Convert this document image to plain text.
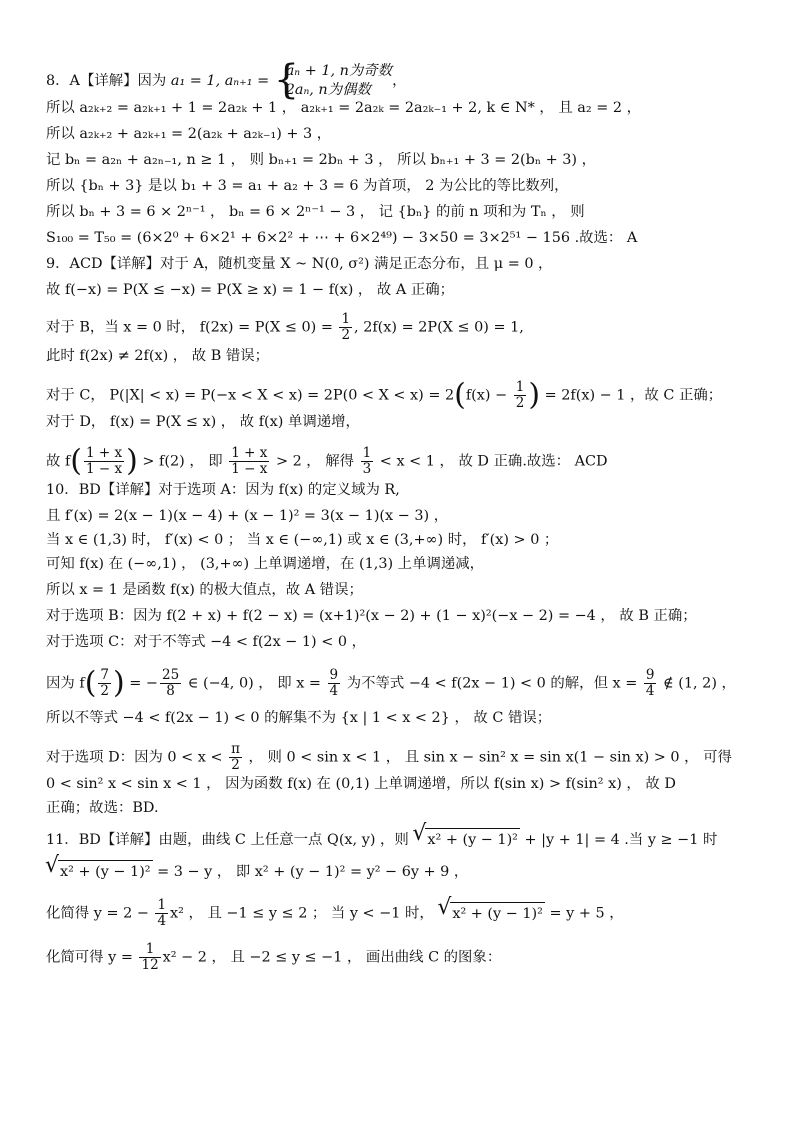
8．A【详解】因为 a₁ = 1, aₙ₊₁ = {
aₙ + 1, n为奇数
2aₙ, n为偶数
，
所以 a₂ₖ₊₂ = a₂ₖ₊₁ + 1 = 2a₂ₖ + 1 ， a₂ₖ₊₁ = 2a₂ₖ = 2a₂ₖ₋₁ + 2, k ∈ N* ， 且 a₂ = 2 ，
所以 a₂ₖ₊₂ + a₂ₖ₊₁ = 2(a₂ₖ + a₂ₖ₋₁) + 3 ，
记 bₙ = a₂ₙ + a₂ₙ₋₁, n ≥ 1 ， 则 bₙ₊₁ = 2bₙ + 3 ， 所以 bₙ₊₁ + 3 = 2(bₙ + 3) ，
所以 {bₙ + 3} 是以 b₁ + 3 = a₁ + a₂ + 3 = 6 为首项， 2 为公比的等比数列，
所以 bₙ + 3 = 6 × 2ⁿ⁻¹ ， bₙ = 6 × 2ⁿ⁻¹ − 3 ， 记 {bₙ} 的前 n 项和为 Tₙ ， 则
S₁₀₀ = T₅₀ = (6×2⁰ + 6×2¹ + 6×2² + ⋯ + 6×2⁴⁹) − 3×50 = 3×2⁵¹ − 156 .故选： A
9．ACD【详解】对于 A，随机变量 X ~ N(0, σ²) 满足正态分布，且 μ = 0 ，
故 f(−x) = P(X ≤ −x) = P(X ≥ x) = 1 − f(x) ， 故 A 正确；
对于 B，当 x = 0 时， $f(2x) = P(X \le 0) = \frac{1}{2}$ , 2f(x) = 2P(X ≤ 0) = 1,
此时 f(2x) ≠ 2f(x) ， 故 B 错误；
对于 C， $P(|X| < x) = P(-x < X < x) = 2P(0 < X < x) = 2(f(x) - \frac{1}{2}$ ) = 2f(x) − 1 ，故 C 正确；
对于 D， f(x) = P(X ≤ x) ， 故 f(x) 单调递增，
故 $f( \frac{1 + x}{1 - x}$ ) > f(2) ， 即 $\frac{1 + x}{1 - x} > 2$ ， 解得 $\frac{1}{3} < x < 1$ ， 故 D 正确.故选： ACD
10．BD【详解】对于选项 A：因为 f(x) 的定义域为 R,
且 f′(x) = 2(x − 1)(x − 4) + (x − 1)² = 3(x − 1)(x − 3) ，
当 x ∈ (1,3) 时， f′(x) < 0 ； 当 x ∈ (−∞,1) 或 x ∈ (3,+∞) 时， f′(x) > 0 ；
可知 f(x) 在 (−∞,1) ， (3,+∞) 上单调递增，在 (1,3) 上单调递减，
所以 x = 1 是函数 f(x) 的极大值点，故 A 错误；
对于选项 B：因为 f(2 + x) + f(2 − x) = (x+1)²(x − 2) + (1 − x)²(−x − 2) = −4 ， 故 B 正确；
对于选项 C：对于不等式 −4 < f(2x − 1) < 0 ，
因为 $f( \frac{7}{2}$ ) = − $\frac{25}{8}$ ∈ (−4, 0) ， 即 $x = \frac{9}{4}$ 为不等式 −4 < f(2x − 1) < 0 的解，但 $x = \frac{9}{4}$ ∉ (1, 2) ，
所以不等式 −4 < f(2x − 1) < 0 的解集不为 {x | 1 < x < 2} ， 故 C 错误；
对于选项 D：因为 $0 < x < \frac{\pi}{2}$ ， 则 0 < sin x < 1 ， 且 sin x − sin² x = sin x(1 − sin x) > 0 ， 可得
0 < sin² x < sin x < 1 ， 因为函数 f(x) 在 (0,1) 上单调递增，所以 f(sin x) > f(sin² x) ， 故 D
正确；故选：BD.
11．BD【详解】由题，曲线 C 上任意一点 Q(x, y) ，则 √ x² + (y − 1)² + |y + 1| = 4 .当 y ≥ −1 时
√ x² + (y − 1)² = 3 − y ， 即 x² + (y − 1)² = y² − 6y + 9 ，
化简得 $y = 2 - \frac{1}{4} x^2$ ， 且 −1 ≤ y ≤ 2 ； 当 y < −1 时， √ x² + (y − 1)² = y + 5 ，
化简可得 $y = \frac{1}{12} x^2 - 2$ ， 且 −2 ≤ y ≤ −1 ， 画出曲线 C 的图象：
